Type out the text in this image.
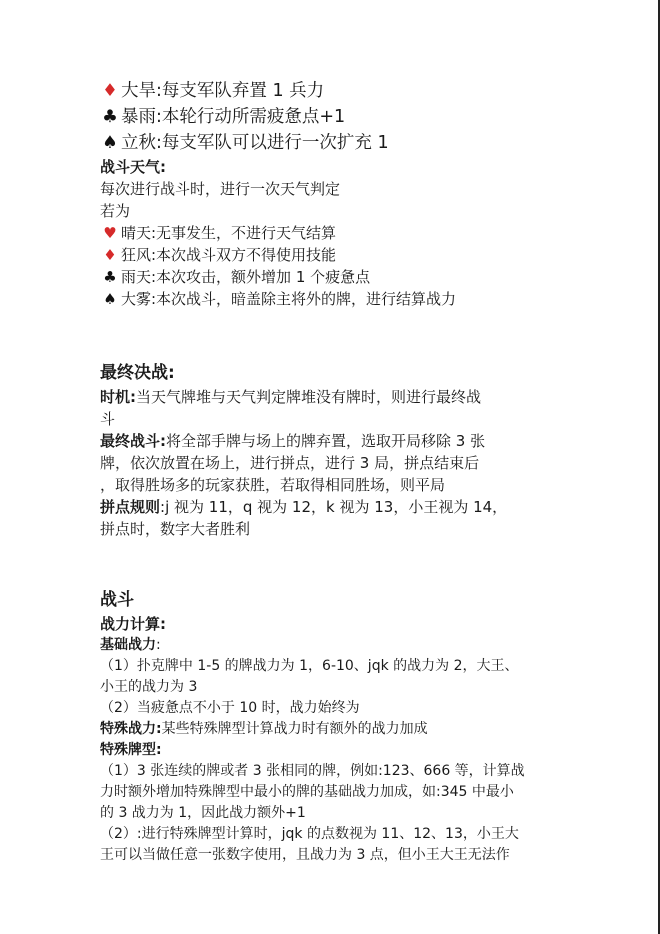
♦ 大旱:每支军队弃置 1 兵力

♣ 暴雨:本轮行动所需疲惫点+1

♠ 立秋:每支军队可以进行一次扩充 1

战斗天气:

每次进行战斗时，进行一次天气判定

若为

♥ 晴天:无事发生，不进行天气结算

♦ 狂风:本次战斗双方不得使用技能

♣ 雨天:本次攻击，额外增加 1 个疲惫点

♠ 大雾:本次战斗，暗盖除主将外的牌，进行结算战力

最终决战:

时机:当天气牌堆与天气判定牌堆没有牌时，则进行最终战

斗

最终战斗:将全部手牌与场上的牌弃置，选取开局移除 3 张

牌，依次放置在场上，进行拼点，进行 3 局，拼点结束后

，取得胜场多的玩家获胜，若取得相同胜场，则平局

拼点规则:j 视为 11，q 视为 12，k 视为 13，小王视为 14，

拼点时，数字大者胜利

战斗

战力计算:

基础战力:

（1）扑克牌中 1-5 的牌战力为 1，6-10、jqk 的战力为 2，大王、

小王的战力为 3

（2）当疲惫点不小于 10 时，战力始终为

特殊战力:某些特殊牌型计算战力时有额外的战力加成

特殊牌型:

（1）3 张连续的牌或者 3 张相同的牌，例如:123、666 等，计算战

力时额外增加特殊牌型中最小的牌的基础战力加成，如:345 中最小

的 3 战力为 1，因此战力额外+1

（2）:进行特殊牌型计算时，jqk 的点数视为 11、12、13，小王大

王可以当做任意一张数字使用，且战力为 3 点，但小王大王无法作
